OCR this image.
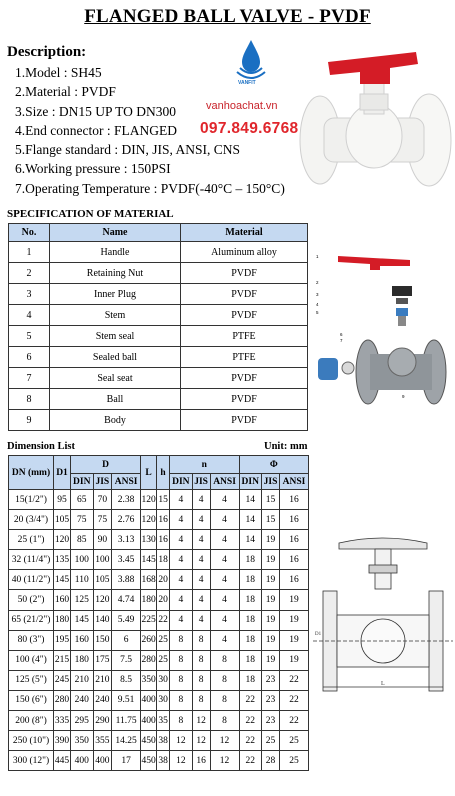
FLANGED BALL VALVE - PVDF
Description:
1.Model : SH45
2.Material : PVDF
3.Size : DN15 UP TO DN300
4.End connector : FLANGED
5.Flange standard : DIN, JIS, ANSI, CNS
6.Working pressure : 150PSI
7.Operating Temperature : PVDF(-40°C – 150°C)
VANFIT
vanhoachat.vn
097.849.6768
SPECIFICATION OF MATERIAL
No.	Name	Material
1	Handle	Aluminum alloy
2	Retaining Nut	PVDF
3	Inner Plug	PVDF
4	Stem	PVDF
5	Stem seal	PTFE
6	Sealed ball	PTFE
7	Seal seat	PVDF
8	Ball	PVDF
9	Body	PVDF
1
2
3
4
5
6
7
9
Dimension List	Unit: mm
DN (mm)	D1	D			L	h	n			Φ		
		DIN	JIS	ANSI			DIN	JIS	ANSI	DIN	JIS	ANSI
15(1/2")	95	65	70	2.38	120	15	4	4	4	14	15	16
20 (3/4")	105	75	75	2.76	120	16	4	4	4	14	15	16
25 (1")	120	85	90	3.13	130	16	4	4	4	14	19	16
32 (11/4")	135	100	100	3.45	145	18	4	4	4	18	19	16
40 (11/2")	145	110	105	3.88	168	20	4	4	4	18	19	16
50 (2")	160	125	120	4.74	180	20	4	4	4	18	19	19
65 (21/2")	180	145	140	5.49	225	22	4	4	4	18	19	19
80 (3")	195	160	150	6	260	25	8	8	4	18	19	19
100 (4")	215	180	175	7.5	280	25	8	8	8	18	19	19
125 (5")	245	210	210	8.5	350	30	8	8	8	18	23	22
150 (6")	280	240	240	9.51	400	30	8	8	8	22	23	22
200 (8")	335	295	290	11.75	400	35	8	12	8	22	23	22
250 (10")	390	350	355	14.25	450	38	12	12	12	22	25	25
300 (12")	445	400	400	17	450	38	12	16	12	22	28	25
L
D1
